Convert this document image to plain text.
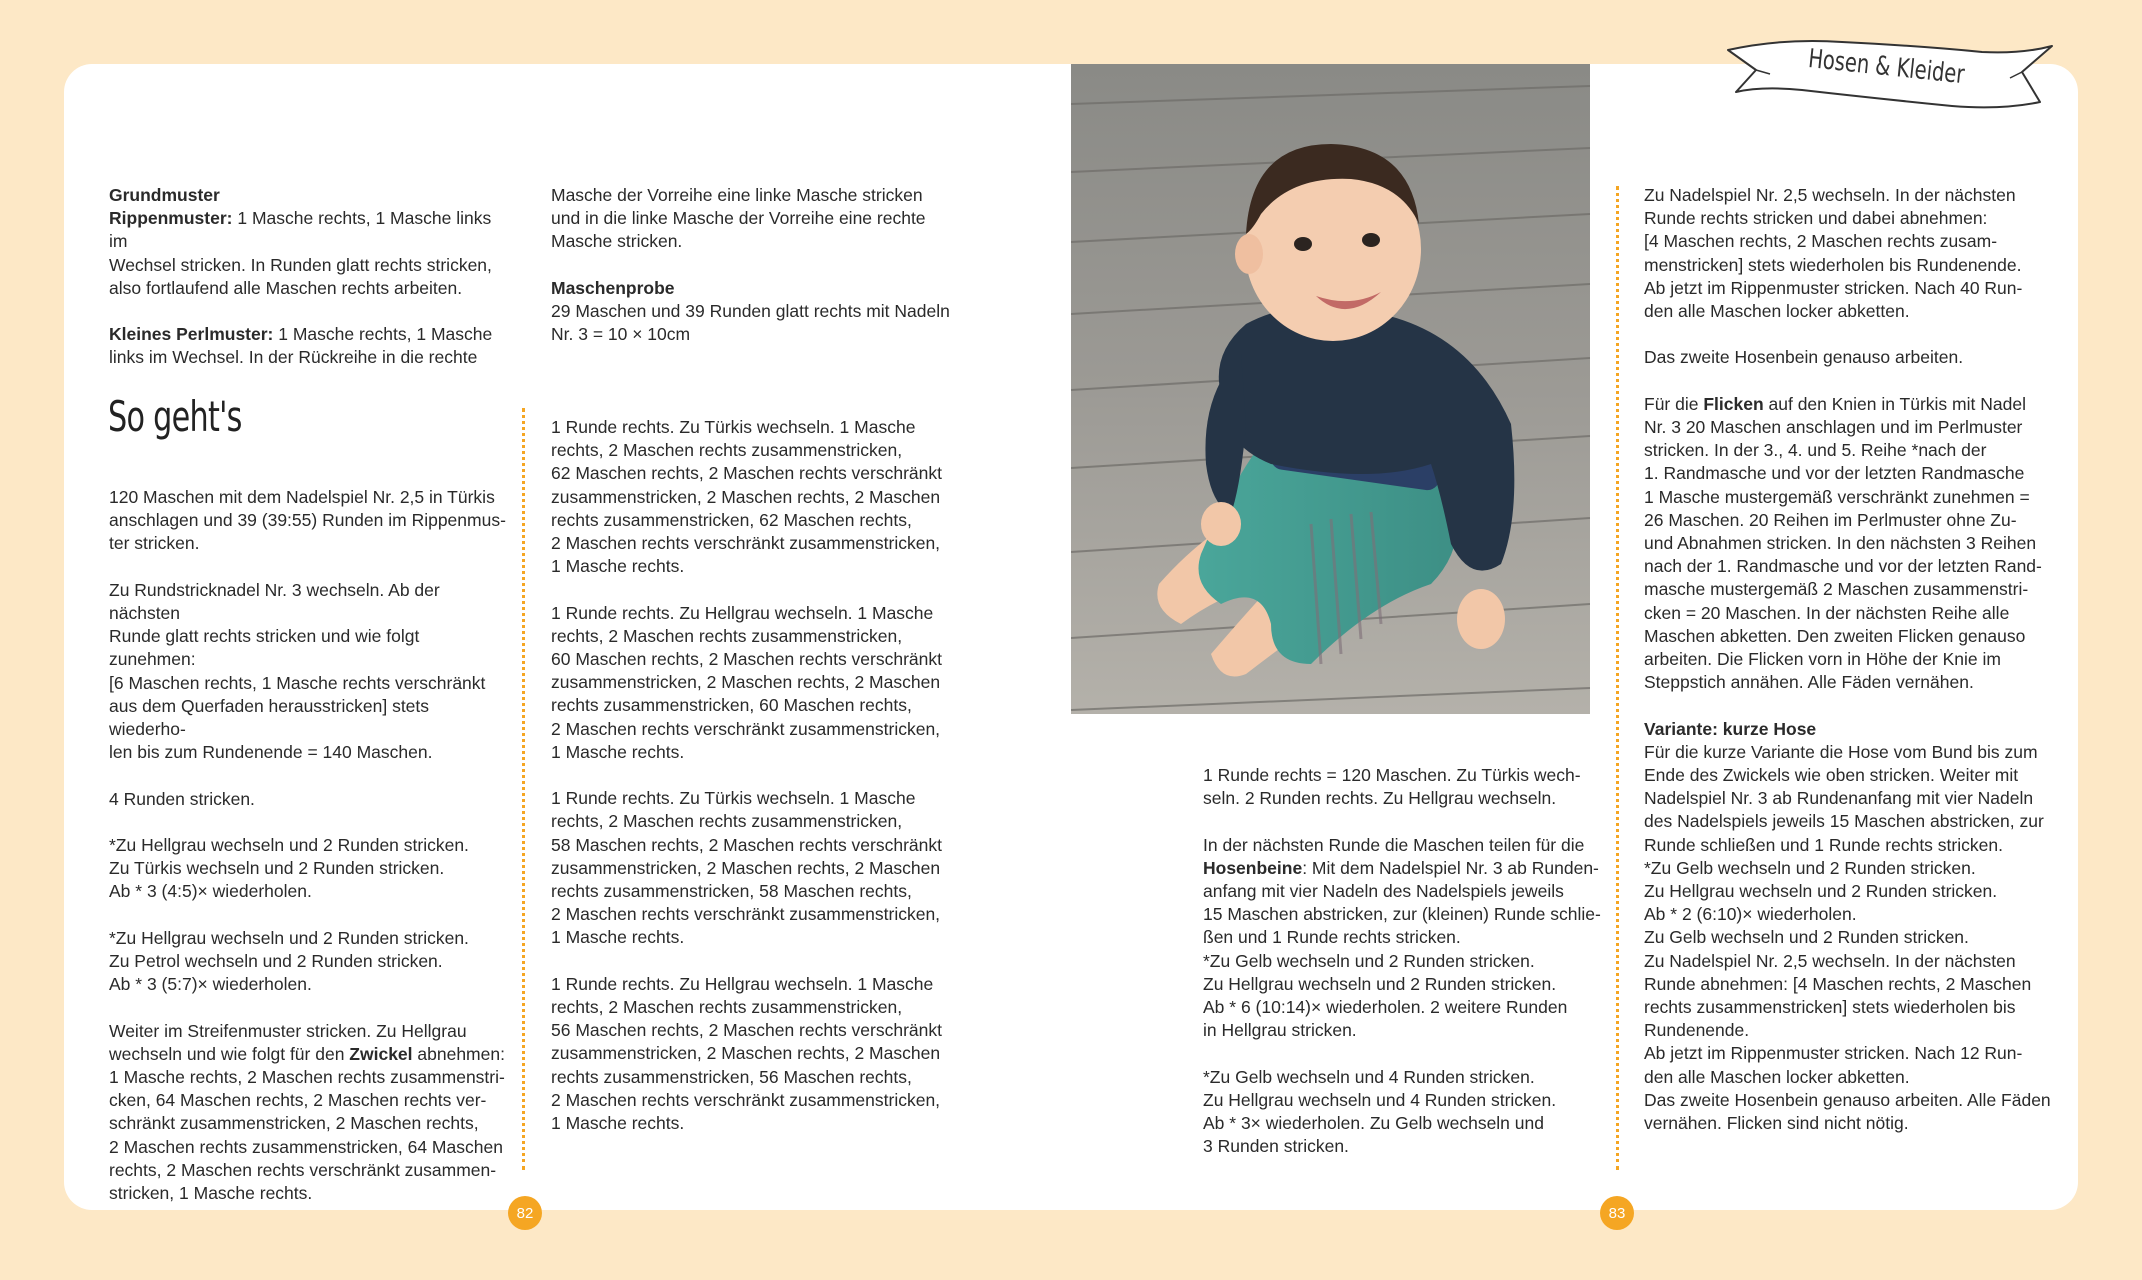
Hosen & Kleider

Grundmuster

Rippenmuster: 1 Masche rechts, 1 Masche links im
Wechsel stricken. In Runden glatt rechts stricken,
also fortlaufend alle Maschen rechts arbeiten.

Kleines Perlmuster: 1 Masche rechts, 1 Masche
links im Wechsel. In der Rückreihe in die rechte

Masche der Vorreihe eine linke Masche stricken
und in die linke Masche der Vorreihe eine rechte
Masche stricken.

Maschenprobe

29 Maschen und 39 Runden glatt rechts mit Nadeln
Nr. 3 = 10 × 10cm

So geht's

120 Maschen mit dem Nadelspiel Nr. 2,5 in Türkis
anschlagen und 39 (39:55) Runden im Rippenmus-
ter stricken.

Zu Rundstricknadel Nr. 3 wechseln. Ab der nächsten
Runde glatt rechts stricken und wie folgt zunehmen:
[6 Maschen rechts, 1 Masche rechts verschränkt
aus dem Querfaden herausstricken] stets wiederho-
len bis zum Rundenende = 140 Maschen.

4 Runden stricken.

*Zu Hellgrau wechseln und 2 Runden stricken.
Zu Türkis wechseln und 2 Runden stricken.
Ab * 3 (4:5)× wiederholen.

*Zu Hellgrau wechseln und 2 Runden stricken.
Zu Petrol wechseln und 2 Runden stricken.
Ab * 3 (5:7)× wiederholen.

Weiter im Streifenmuster stricken. Zu Hellgrau
wechseln und wie folgt für den Zwickel abnehmen:
1 Masche rechts, 2 Maschen rechts zusammenstri-
cken, 64 Maschen rechts, 2 Maschen rechts ver-
schränkt zusammenstricken, 2 Maschen rechts,
2 Maschen rechts zusammenstricken, 64 Maschen
rechts, 2 Maschen rechts verschränkt zusammen-
stricken, 1 Masche rechts.

1 Runde rechts. Zu Türkis wechseln. 1 Masche
rechts, 2 Maschen rechts zusammenstricken,
62 Maschen rechts, 2 Maschen rechts verschränkt
zusammenstricken, 2 Maschen rechts, 2 Maschen
rechts zusammenstricken, 62 Maschen rechts,
2 Maschen rechts verschränkt zusammenstricken,
1 Masche rechts.

1 Runde rechts. Zu Hellgrau wechseln. 1 Masche
rechts, 2 Maschen rechts zusammenstricken,
60 Maschen rechts, 2 Maschen rechts verschränkt
zusammenstricken, 2 Maschen rechts, 2 Maschen
rechts zusammenstricken, 60 Maschen rechts,
2 Maschen rechts verschränkt zusammenstricken,
1 Masche rechts.

1 Runde rechts. Zu Türkis wechseln. 1 Masche
rechts, 2 Maschen rechts zusammenstricken,
58 Maschen rechts, 2 Maschen rechts verschränkt
zusammenstricken, 2 Maschen rechts, 2 Maschen
rechts zusammenstricken, 58 Maschen rechts,
2 Maschen rechts verschränkt zusammenstricken,
1 Masche rechts.

1 Runde rechts. Zu Hellgrau wechseln. 1 Masche
rechts, 2 Maschen rechts zusammenstricken,
56 Maschen rechts, 2 Maschen rechts verschränkt
zusammenstricken, 2 Maschen rechts, 2 Maschen
rechts zusammenstricken, 56 Maschen rechts,
2 Maschen rechts verschränkt zusammenstricken,
1 Masche rechts.

82	83

1 Runde rechts = 120 Maschen. Zu Türkis wech-
seln. 2 Runden rechts. Zu Hellgrau wechseln.

In der nächsten Runde die Maschen teilen für die
Hosenbeine: Mit dem Nadelspiel Nr. 3 ab Runden-
anfang mit vier Nadeln des Nadelspiels jeweils
15 Maschen abstricken, zur (kleinen) Runde schlie-
ßen und 1 Runde rechts stricken.
*Zu Gelb wechseln und 2 Runden stricken.
Zu Hellgrau wechseln und 2 Runden stricken.
Ab * 6 (10:14)× wiederholen. 2 weitere Runden
in Hellgrau stricken.

*Zu Gelb wechseln und 4 Runden stricken.
Zu Hellgrau wechseln und 4 Runden stricken.
Ab * 3× wiederholen. Zu Gelb wechseln und
3 Runden stricken.

Zu Nadelspiel Nr. 2,5 wechseln. In der nächsten
Runde rechts stricken und dabei abnehmen:
[4 Maschen rechts, 2 Maschen rechts zusam-
menstricken] stets wiederholen bis Rundenende.
Ab jetzt im Rippenmuster stricken. Nach 40 Run-
den alle Maschen locker abketten.

Das zweite Hosenbein genauso arbeiten.

Für die Flicken auf den Knien in Türkis mit Nadel
Nr. 3 20 Maschen anschlagen und im Perlmuster
stricken. In der 3., 4. und 5. Reihe *nach der
1. Randmasche und vor der letzten Randmasche
1 Masche mustergemäß verschränkt zunehmen =
26 Maschen. 20 Reihen im Perlmuster ohne Zu-
und Abnahmen stricken. In den nächsten 3 Reihen
nach der 1. Randmasche und vor der letzten Rand-
masche mustergemäß 2 Maschen zusammenstri-
cken = 20 Maschen. In der nächsten Reihe alle
Maschen abketten. Den zweiten Flicken genauso
arbeiten. Die Flicken vorn in Höhe der Knie im
Steppstich annähen. Alle Fäden vernähen.

Variante: kurze Hose

Für die kurze Variante die Hose vom Bund bis zum
Ende des Zwickels wie oben stricken. Weiter mit
Nadelspiel Nr. 3 ab Rundenanfang mit vier Nadeln
des Nadelspiels jeweils 15 Maschen abstricken, zur
Runde schließen und 1 Runde rechts stricken.
*Zu Gelb wechseln und 2 Runden stricken.
Zu Hellgrau wechseln und 2 Runden stricken.
Ab * 2 (6:10)× wiederholen.
Zu Gelb wechseln und 2 Runden stricken.
Zu Nadelspiel Nr. 2,5 wechseln. In der nächsten
Runde abnehmen: [4 Maschen rechts, 2 Maschen
rechts zusammenstricken] stets wiederholen bis
Rundenende.
Ab jetzt im Rippenmuster stricken. Nach 12 Run-
den alle Maschen locker abketten.
Das zweite Hosenbein genauso arbeiten. Alle Fäden
vernähen. Flicken sind nicht nötig.
